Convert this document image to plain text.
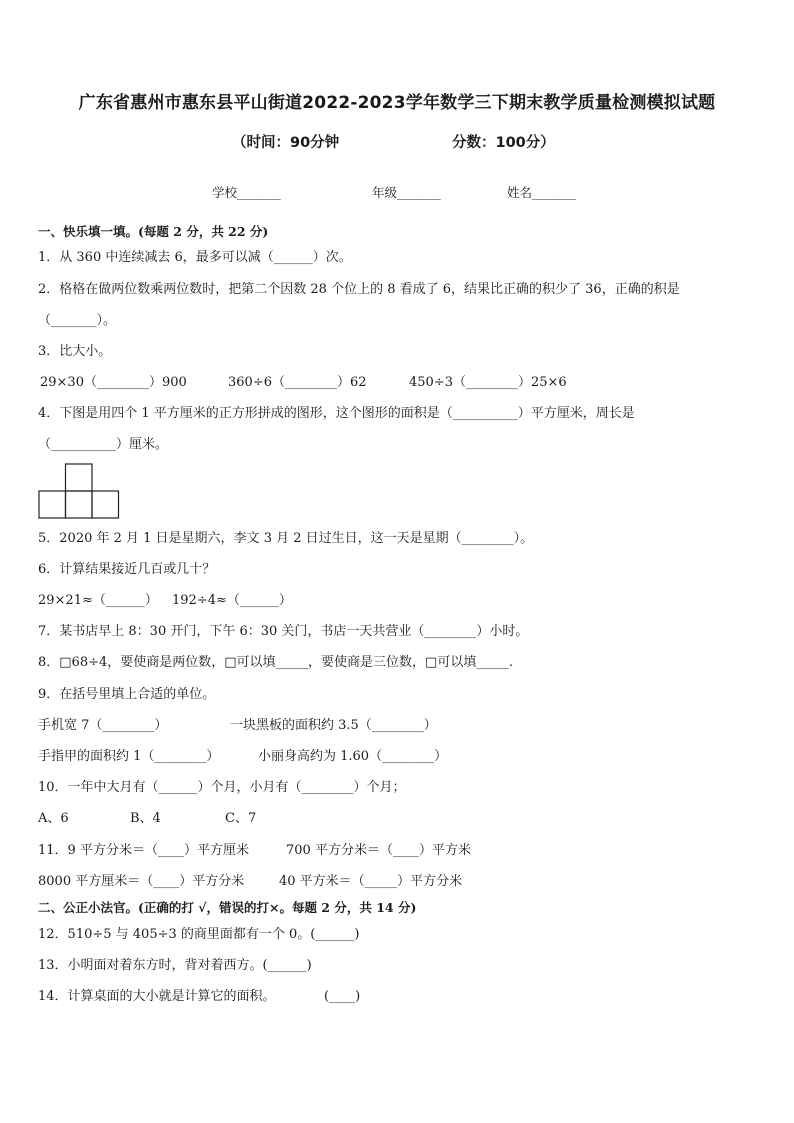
广东省惠州市惠东县平山街道2022-2023学年数学三下期末教学质量检测模拟试题
（时间：90分钟	分数：100分）
学校_______	年级_______	姓名_______
一、快乐填一填。(每题 2 分，共 22 分)
1．从 360 中连续减去 6，最多可以减（______）次。
2．格格在做两位数乘两位数时，把第二个因数 28 个位上的 8 看成了 6，结果比正确的积少了 36，正确的积是
（_______）。
3．比大小。
29×30（________）900	360÷6（________）62	450÷3（________）25×6
4．下图是用四个 1 平方厘米的正方形拼成的图形，这个图形的面积是（__________）平方厘米，周长是
（__________）厘米。
5．2020 年 2 月 1 日是星期六，李文 3 月 2 日过生日，这一天是星期（________）。
6．计算结果接近几百或几十？
29×21≈（______） 192÷4≈（______）
7．某书店早上 8：30 开门，下午 6：30 关门，书店一天共营业（________）小时。
8．□68÷4，要使商是两位数，□可以填_____，要使商是三位数，□可以填_____.
9．在括号里填上合适的单位。
手机宽 7（________）	一块黑板的面积约 3.5（________）
手指甲的面积约 1（________）	小丽身高约为 1.60（________）
10．一年中大月有（______）个月，小月有（________）个月；
A、6	B、4	C、7
11．9 平方分米＝（____）平方厘米	700 平方分米＝（____）平方米
8000 平方厘米＝（____）平方分米	40 平方米＝（_____）平方分米
二、公正小法官。(正确的打 √，错误的打×。每题 2 分，共 14 分)
12．510÷5 与 405÷3 的商里面都有一个 0。(______)
13．小明面对着东方时，背对着西方。(______)
14．计算桌面的大小就是计算它的面积。	(____)
